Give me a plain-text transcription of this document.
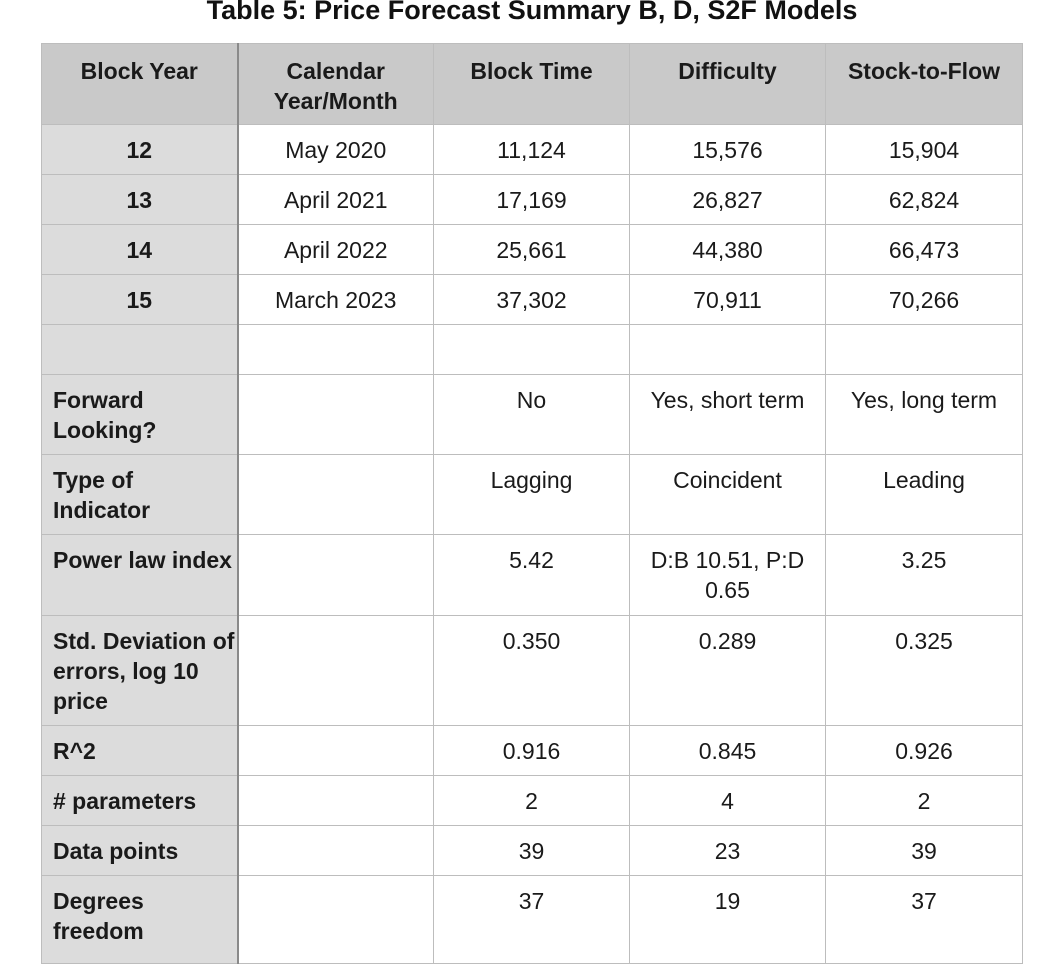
Table 5: Price Forecast Summary B, D, S2F Models
Block Year	Calendar Year/Month	Block Time	Difficulty	Stock-to-Flow
12	May 2020	11,124	15,576	15,904
13	April 2021	17,169	26,827	62,824
14	April 2022	25,661	44,380	66,473
15	March 2023	37,302	70,911	70,266

Forward Looking?		No	Yes, short term	Yes, long term
Type of Indicator		Lagging	Coincident	Leading
Power law index		5.42	D:B 10.51, P:D 0.65	3.25
Std. Deviation of errors, log 10 price		0.350	0.289	0.325
R^2		0.916	0.845	0.926
# parameters		2	4	2
Data points		39	23	39
Degrees freedom		37	19	37
